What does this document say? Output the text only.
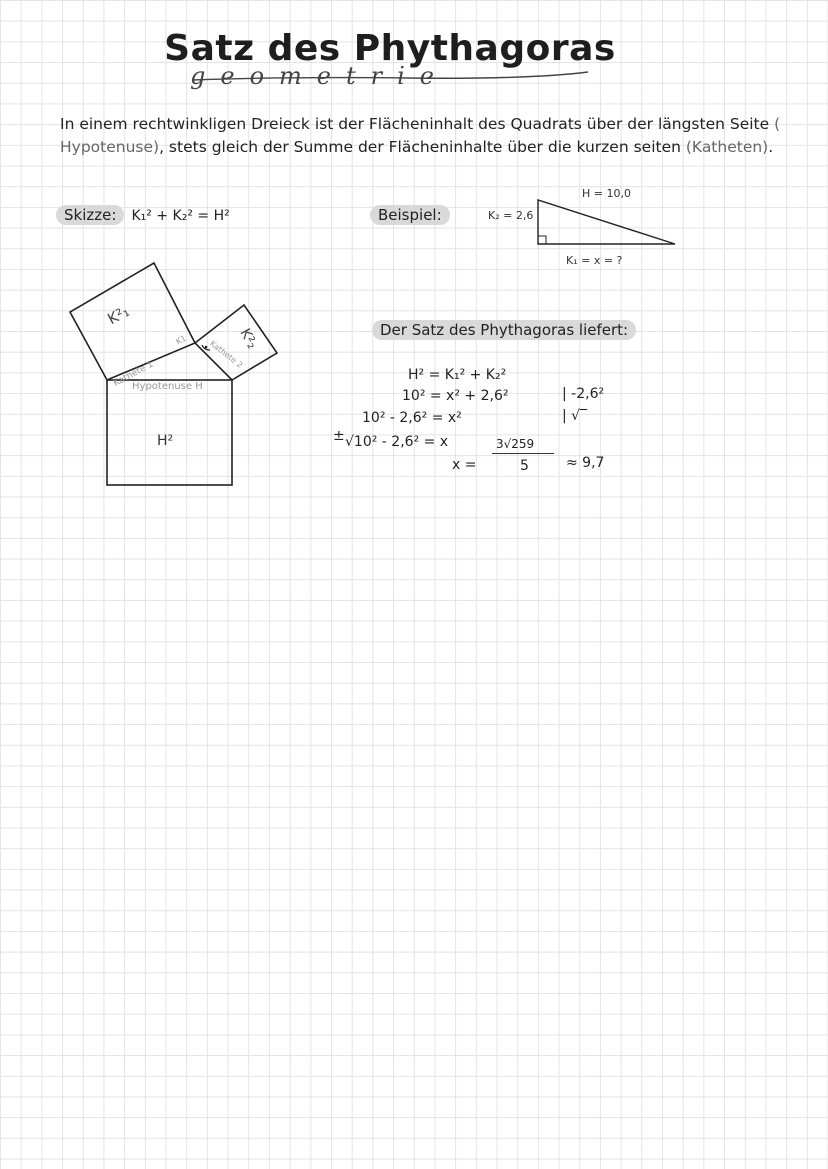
Satz des Phythagoras
geometrie
In einem rechtwinkligen Dreieck ist der Flächeninhalt des Quadrats über der längsten Seite ( Hypotenuse), stets gleich der Summe der Flächeninhalte über die kurzen seiten (Katheten).
Skizze: K₁² + K₂² = H²
K²₁
K²₂
H²
Kathete 1
Kathete 2
K1
Hypotenuse H
Beispiel:
H = 10,0
K₂ = 2,6
K₁ = x = ?
Der Satz des Phythagoras liefert:
H² = K₁² + K₂²
10² = x² + 2,6²	| -2,6²
10² - 2,6² = x²	| √‾
± √10² - 2,6² = x	3√259
x =	5	≈ 9,7
